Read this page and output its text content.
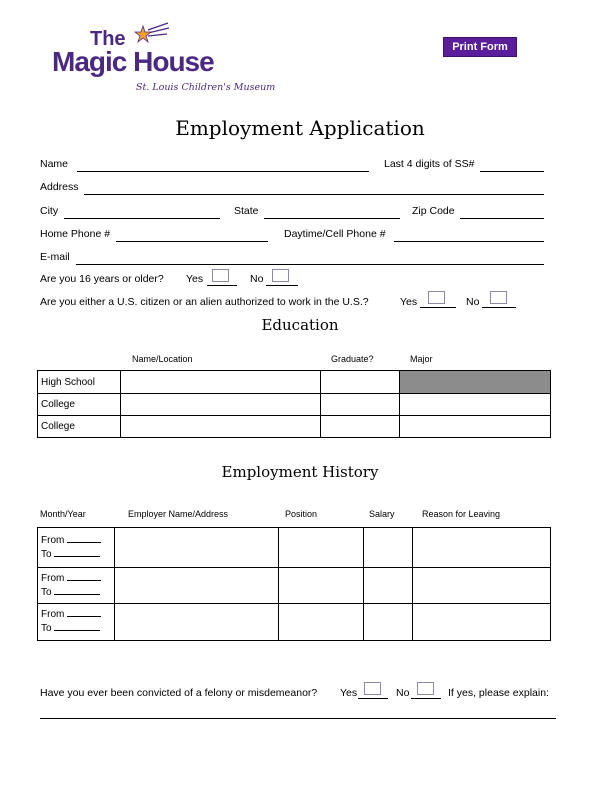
The
Magic House
St. Louis Children's Museum
Print Form
Employment Application
Name	Last 4 digits of SS#
Address
City	State	Zip Code
Home Phone #	Daytime/Cell Phone #
E-mail
Are you 16 years or older? Yes	No
Are you either a U.S. citizen or an alien authorized to work in the U.S.?	Yes	No
Education
Name/Location	Graduate?	Major
High School			
College			
College			
Employment History
Month/Year	Employer Name/Address	Position	Salary	Reason for Leaving
From
To				

From
To				

From
To				

Have you ever been convicted of a felony or misdemeanor? Yes	No	If yes, please explain:
